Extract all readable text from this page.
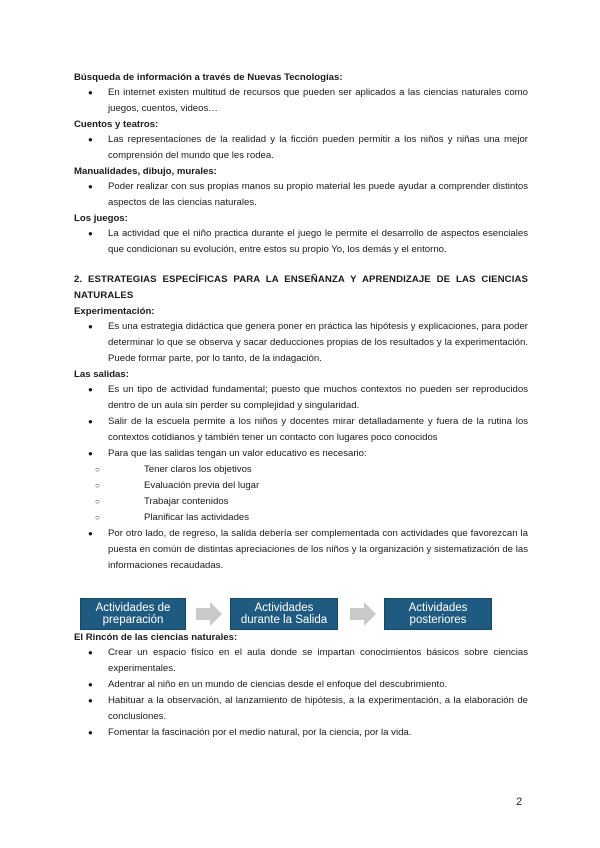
Búsqueda de información a través de Nuevas Tecnologías:

● En internet existen multitud de recursos que pueden ser aplicados a las ciencias naturales como juegos, cuentos, videos…

Cuentos y teatros:

● Las representaciones de la realidad y la ficción pueden permitir a los niños y niñas una mejor comprensión del mundo que les rodea.

Manualidades, dibujo, murales:

● Poder realizar con sus propias manos su propio material les puede ayudar a comprender distintos aspectos de las ciencias naturales.

Los juegos:

● La actividad que el niño practica durante el juego le permite el desarrollo de aspectos esenciales que condicionan su evolución, entre estos su propio Yo, los demás y el entorno.

2. ESTRATEGIAS ESPECÍFICAS PARA LA ENSEÑANZA Y APRENDIZAJE DE LAS CIENCIAS NATURALES

Experimentación:

● Es una estrategia didáctica que genera poner en práctica las hipótesis y explicaciones, para poder determinar lo que se observa y sacar deducciones propias de los resultados y la experimentación. Puede formar parte, por lo tanto, de la indagación.

Las salidas:

● Es un tipo de actividad fundamental; puesto que muchos contextos no pueden ser reproducidos dentro de un aula sin perder su complejidad y singularidad.
● Salir de la escuela permite a los niños y docentes mirar detalladamente y fuera de la rutina los contextos cotidianos y también tener un contacto con lugares poco conocidos
● Para que las salidas tengan un valor educativo es necesario:
○ Tener claros los objetivos
○ Evaluación previa del lugar
○ Trabajar contenidos
○ Planificar las actividades
● Por otro lado, de regreso, la salida debería ser complementada con actividades que favorezcan la puesta en común de distintas apreciaciones de los niños y la organización y sistematización de las informaciones recaudadas.
Actividades de
preparación
Actividades
durante la Salida
Actividades
posteriores

El Rincón de las ciencias naturales:

● Crear un espacio físico en el aula donde se impartan conocimientos básicos sobre ciencias experimentales.
● Adentrar al niño en un mundo de ciencias desde el enfoque del descubrimiento.
● Habituar a la observación, al lanzamiento de hipótesis, a la experimentación, a la elaboración de conclusiones.
● Fomentar la fascinación por el medio natural, por la ciencia, por la vida.
2
